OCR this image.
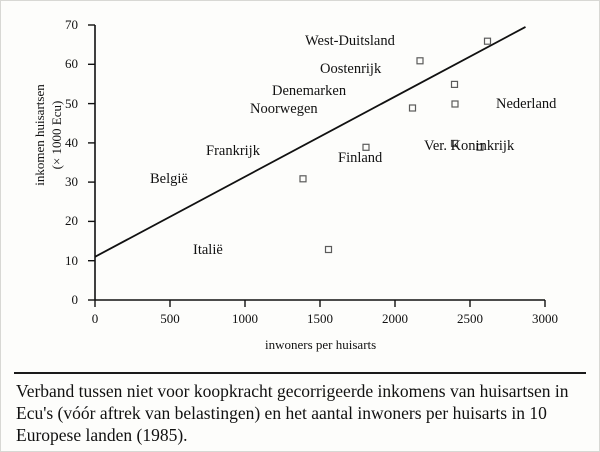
0
10
20
30
40
50
60
70
0	500	1000	1500	2000	2500	3000
inwoners per huisarts
inkomen huisartsen (× 1000 Ecu)
West-Duitsland
Oostenrijk
Denemarken
Noorwegen	Nederland
Ver. Koninkrijk
Finland
Frankrijk
België
Italië

Verband tussen niet voor koopkracht gecorrigeerde inkomens van huisartsen in Ecu's (vóór aftrek van belastingen) en het aantal inwoners per huisarts in 10 Europese landen (1985).
